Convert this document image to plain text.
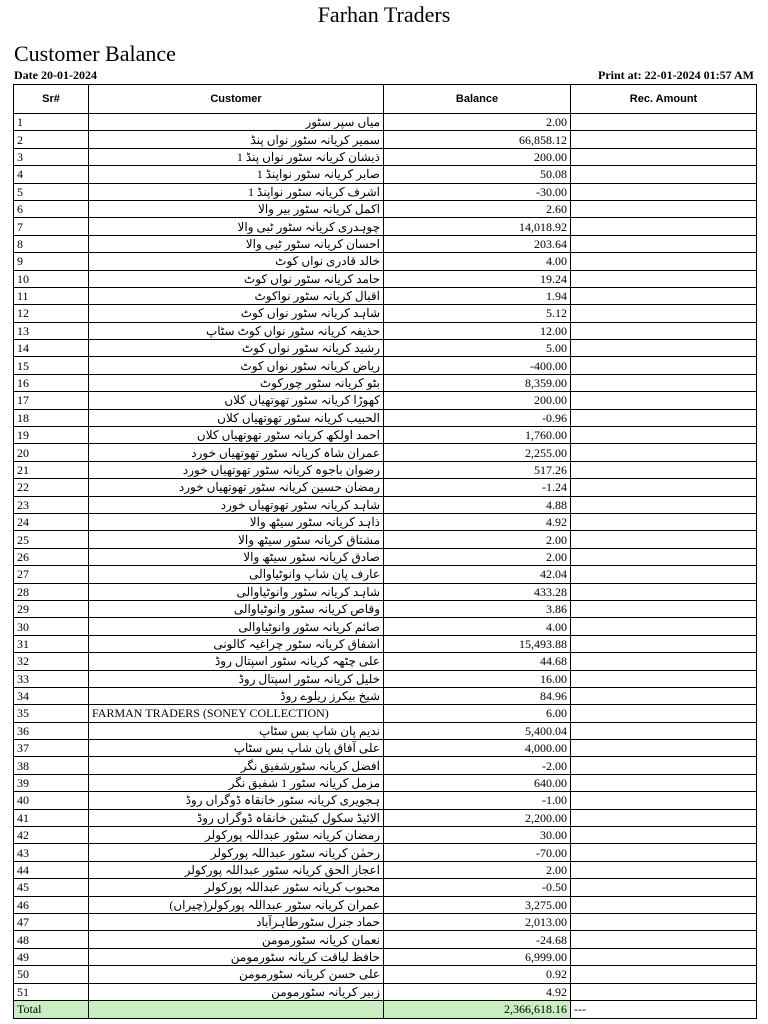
Farhan Traders
Customer Balance
Date 20-01-2024	Print at: 22-01-2024 01:57 AM
Sr#	Customer	Balance	Rec. Amount
1	میاں سپر سٹور	2.00	
2	سمیر کریانہ سٹور نواں پنڈ	66,858.12	
3	ذیشان کریانہ سٹور نواں پنڈ 1	200.00	
4	صابر کریانہ سٹور نواپنڈ 1	50.08	
5	اشرف کریانہ سٹور نواپنڈ 1	-30.00	
6	اکمل کریانہ سٹور بیر والا	2.60	
7	چوہدری کریانہ سٹور ٹبی والا	14,018.92	
8	احسان کریانہ سٹور ٹبی والا	203.64	
9	خالد قادری نواں کوٹ	4.00	
10	حامد کریانہ سٹور نواں کوٹ	19.24	
11	اقبال کریانہ سٹور نواکوٹ	1.94	
12	شاہد کریانہ سٹور نواں کوٹ	5.12	
13	حذیفہ کریانہ سٹور نواں کوٹ سٹاپ	12.00	
14	رشید کریانہ سٹور نواں کوٹ	5.00	
15	ریاض کریانہ سٹور نواں کوٹ	-400.00	
16	بٹو کریانہ سٹور چورکوٹ	8,359.00	
17	کھوڑا کریانہ سٹور تھوتھیاں کلاں	200.00	
18	الحبیب کریانہ سٹور تھوتھیاں کلاں	-0.96	
19	احمد اولکھ کریانہ سٹور تھوتھیاں کلاں	1,760.00	
20	عمران شاہ کریانہ سٹور تھوتھیاں خورد	2,255.00	
21	رضوان باجوہ کریانہ سٹور تھوتھیاں خورد	517.26	
22	رمضان حسین کریانہ سٹور تھوتھیاں خورد	-1.24	
23	شاہد کریانہ سٹور تھوتھیاں خورد	4.88	
24	ذاہد کریانہ سٹور سیٹھ والا	4.92	
25	مشتاق کریانہ سٹور سیٹھ والا	2.00	
26	صادق کریانہ سٹور سیٹھ والا	2.00	
27	عارف پان شاپ وانوٹیاوالی	42.04	
28	شاہد کریانہ سٹور وانوٹیاوالی	433.28	
29	وقاص کریانہ سٹور وانوٹیاوالی	3.86	
30	صائم کریانہ سٹور وانوٹیاوالی	4.00	
31	اشفاق کریانہ سٹور چراغیہ کالونی	15,493.88	
32	علی چٹھہ کریانہ سٹور اسپتال روڈ	44.68	
33	خلیل کریانہ سٹور اسپتال روڈ	16.00	
34	شیخ بیکرز ریلوے روڈ	84.96	
35	FARMAN TRADERS (SONEY COLLECTION)	6.00	
36	ندیم پان شاپ بس سٹاپ	5,400.04	
37	علی آفاق پان شاپ بس سٹاپ	4,000.00	
38	افضل کریانہ سٹورشفیق نگر	-2.00	
39	مزمل کریانہ سٹور 1 شفیق نگر	640.00	
40	ہجویری کریانہ سٹور خانقاہ ڈوگراں روڈ	-1.00	
41	الائیڈ سکول کینٹین خانقاہ ڈوگراں روڈ	2,200.00	
42	رمضان کریانہ سٹور عبداللہ پورکولر	30.00	
43	رحمٰن کریانہ سٹور عبداللہ پورکولر	-70.00	
44	اعجاز الحق کریانہ سٹور عبداللہ پورکولر	2.00	
45	محبوب کریانہ سٹور عبداللہ پورکولر	-0.50	
46	عمران کریانہ سٹور عبداللہ پورکولر(چیراں)	3,275.00	
47	حماد جنرل سٹورطاہرآباد	2,013.00	
48	نعمان کریانہ سٹورمومن	-24.68	
49	حافظ لیاقت کریانہ سٹورمومن	6,999.00	
50	علی حسن کریانہ سٹورمومن	0.92	
51	زبیر کریانہ سٹورمومن	4.92	
Total		2,366,618.16	---
